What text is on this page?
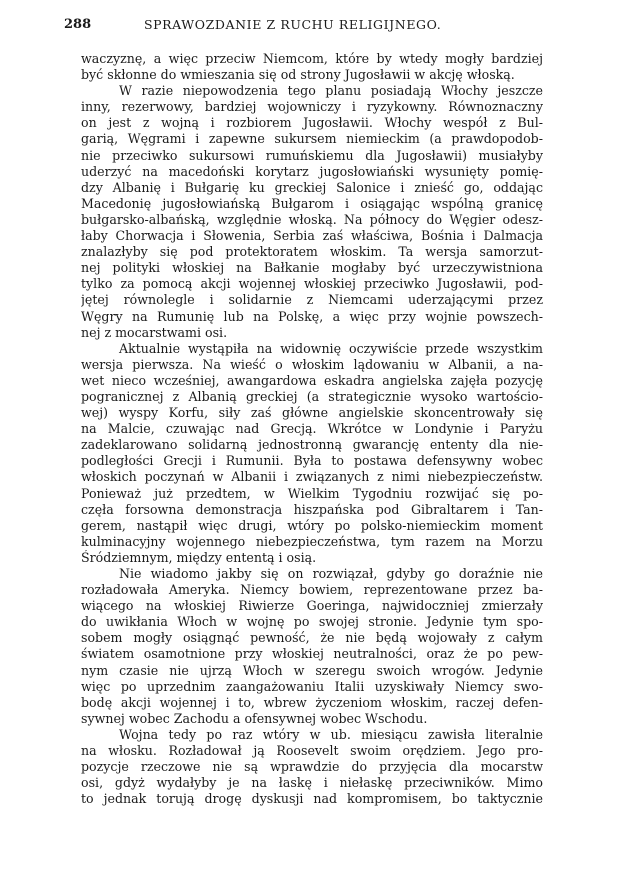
288	SPRAWOZDANIE Z RUCHU RELIGIJNEGO.
waczyznę, a więc przeciw Niemcom, które by wtedy mogły bardziej
być skłonne do wmieszania się od strony Jugosławii w akcję włoską.
W razie niepowodzenia tego planu posiadają Włochy jeszcze
inny, rezerwowy, bardziej wojowniczy i ryzykowny. Równoznaczny
on jest z wojną i rozbiorem Jugosławii. Włochy wespół z Bul-
garią, Węgrami i zapewne sukursem niemieckim (a prawdopodob-
nie przeciwko sukursowi rumuńskiemu dla Jugosławii) musiałyby
uderzyć na macedoński korytarz jugosłowiański wysunięty pomię-
dzy Albanię i Bułgarię ku greckiej Salonice i znieść go, oddając
Macedonię jugosłowiańską Bułgarom i osiągając wspólną granicę
bułgarsko-albańską, względnie włoską. Na północy do Węgier odesz-
łaby Chorwacja i Słowenia, Serbia zaś właściwa, Bośnia i Dalmacja
znalazłyby się pod protektoratem włoskim. Ta wersja samorzut-
nej polityki włoskiej na Bałkanie mogłaby być urzeczywistniona
tylko za pomocą akcji wojennej włoskiej przeciwko Jugosławii, pod-
jętej równolegle i solidarnie z Niemcami uderzającymi przez
Węgry na Rumunię lub na Polskę, a więc przy wojnie powszech-
nej z mocarstwami osi.
Aktualnie wystąpiła na widownię oczywiście przede wszystkim
wersja pierwsza. Na wieść o włoskim lądowaniu w Albanii, a na-
wet nieco wcześniej, awangardowa eskadra angielska zajęła pozycję
pogranicznej z Albanią greckiej (a strategicznie wysoko wartościo-
wej) wyspy Korfu, siły zaś główne angielskie skoncentrowały się
na Malcie, czuwając nad Grecją. Wkrótce w Londynie i Paryżu
zadeklarowano solidarną jednostronną gwarancję ententy dla nie-
podległości Grecji i Rumunii. Była to postawa defensywny wobec
włoskich poczynań w Albanii i związanych z nimi niebezpieczeństw.
Ponieważ już przedtem, w Wielkim Tygodniu rozwijać się po-
częła forsowna demonstracja hiszpańska pod Gibraltarem i Tan-
gerem, nastąpił więc drugi, wtóry po polsko-niemieckim moment
kulminacyjny wojennego niebezpieczeństwa, tym razem na Morzu
Śródziemnym, między ententą i osią.
Nie wiadomo jakby się on rozwiązał, gdyby go doraźnie nie
rozładowała Ameryka. Niemcy bowiem, reprezentowane przez ba-
wiącego na włoskiej Riwierze Goeringa, najwidoczniej zmierzały
do uwikłania Włoch w wojnę po swojej stronie. Jedynie tym spo-
sobem mogły osiągnąć pewność, że nie będą wojowały z całym
światem osamotnione przy włoskiej neutralności, oraz że po pew-
nym czasie nie ujrzą Włoch w szeregu swoich wrogów. Jedynie
więc po uprzednim zaangażowaniu Italii uzyskiwały Niemcy swo-
bodę akcji wojennej i to, wbrew życzeniom włoskim, raczej defen-
sywnej wobec Zachodu a ofensywnej wobec Wschodu.
Wojna tedy po raz wtóry w ub. miesiącu zawisła literalnie
na włosku. Rozładował ją Roosevelt swoim orędziem. Jego pro-
pozycje rzeczowe nie są wprawdzie do przyjęcia dla mocarstw
osi, gdyż wydałyby je na łaskę i niełaskę przeciwników. Mimo
to jednak torują drogę dyskusji nad kompromisem, bo taktycznie
